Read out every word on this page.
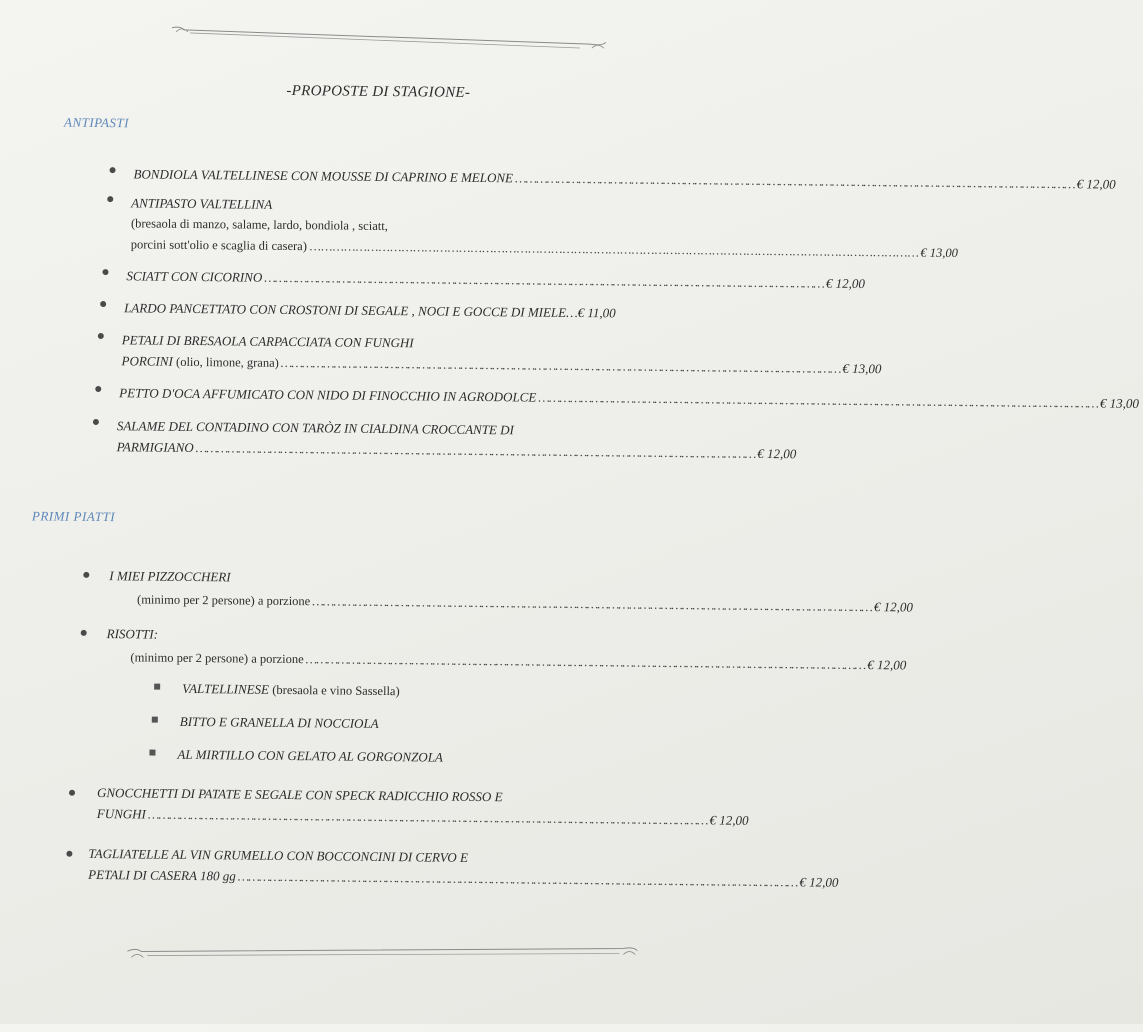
-PROPOSTE DI STAGIONE-
ANTIPASTI
BONDIOLA VALTELLINESE CON MOUSSE DI CAPRINO E MELONE ……………………………………………………………………………………………………………………………………………	€ 12,00
ANTIPASTO VALTELLINA
(bresaola di manzo, salame, lardo, bondiola , sciatt,
porcini sott'olio e scaglia di casera) ……………………………………………………………………………………………………………………………………………	€ 13,00
SCIATT CON CICORINO ……………………………………………………………………………………………………………………………………………	€ 12,00
LARDO PANCETTATO CON CROSTONI DI SEGALE , NOCI E GOCCE DI MIELE… € 11,00
PETALI DI BRESAOLA CARPACCIATA CON FUNGHI
PORCINI
(olio, limone, grana) ……………………………………………………………………………………………………………………………………………	€ 13,00
PETTO D'OCA AFFUMICATO CON NIDO DI FINOCCHIO IN AGRODOLCE ……………………………………………………………………………………………………………………………………………	€ 13,00
SALAME DEL CONTADINO CON TARÒZ IN CIALDINA CROCCANTE DI
PARMIGIANO ……………………………………………………………………………………………………………………………………………	€ 12,00
PRIMI PIATTI
I MIEI PIZZOCCHERI
(minimo per 2 persone) a porzione ……………………………………………………………………………………………………………………………………………	€ 12,00
RISOTTI:
(minimo per 2 persone) a porzione ……………………………………………………………………………………………………………………………………………	€ 12,00
VALTELLINESE (bresaola e vino Sassella)
BITTO E GRANELLA DI NOCCIOLA
AL MIRTILLO CON GELATO AL GORGONZOLA
GNOCCHETTI DI PATATE E SEGALE CON SPECK RADICCHIO ROSSO E
FUNGHI ……………………………………………………………………………………………………………………………………………	€ 12,00
TAGLIATELLE AL VIN GRUMELLO CON BOCCONCINI DI CERVO E
PETALI DI CASERA 180 gg ……………………………………………………………………………………………………………………………………………	€ 12,00
